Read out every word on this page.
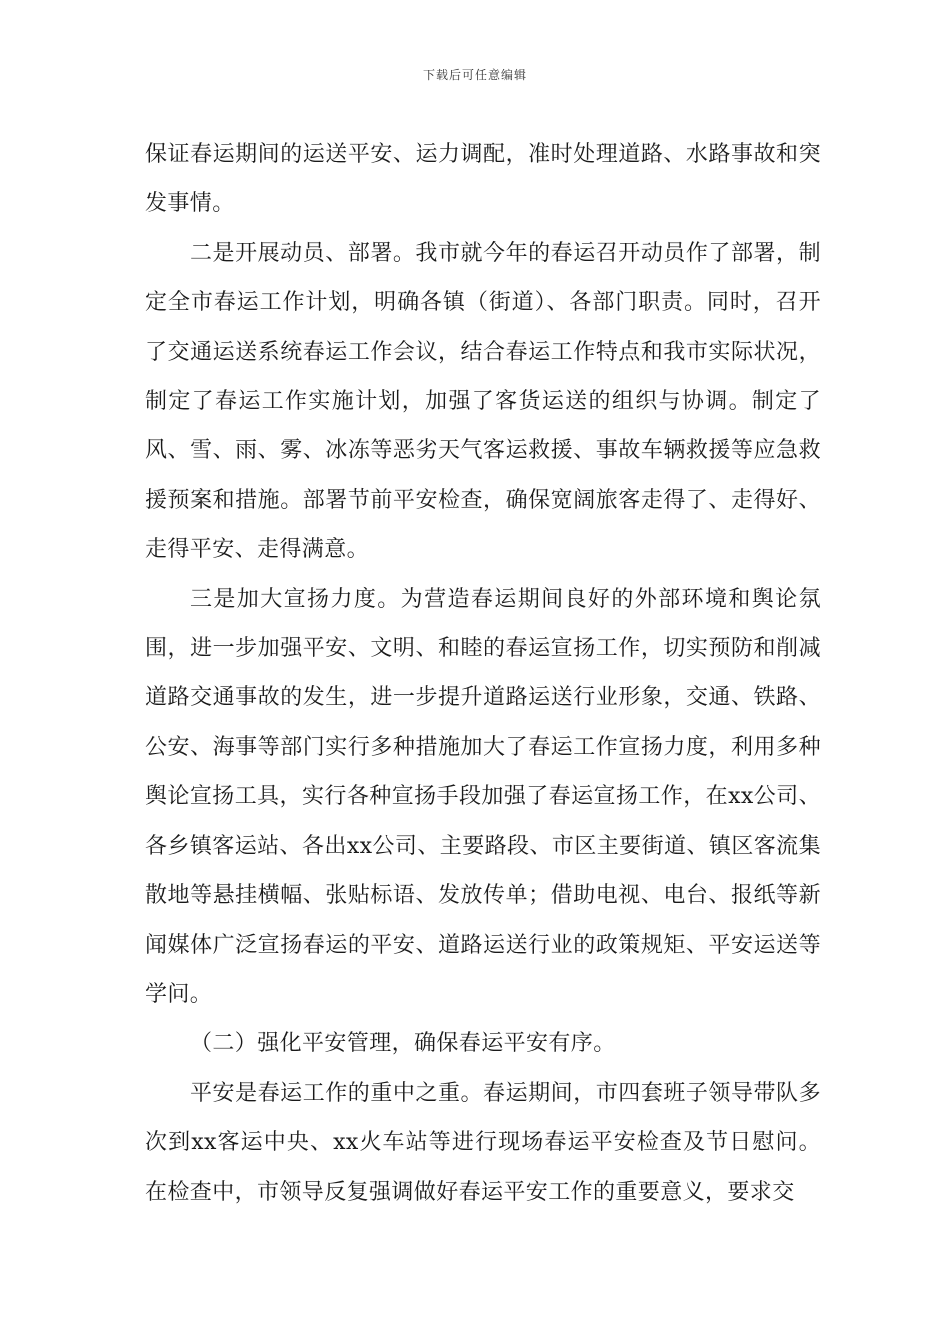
下载后可任意编辑

保证春运期间的运送平安、运力调配，准时处理道路、水路事故和突发事情。

二是开展动员、部署。我市就今年的春运召开动员作了部署，制定全市春运工作计划，明确各镇（街道）、各部门职责。同时，召开了交通运送系统春运工作会议，结合春运工作特点和我市实际状况，制定了春运工作实施计划，加强了客货运送的组织与协调。制定了风、雪、雨、雾、冰冻等恶劣天气客运救援、事故车辆救援等应急救援预案和措施。部署节前平安检查，确保宽阔旅客走得了、走得好、走得平安、走得满意。

三是加大宣扬力度。为营造春运期间良好的外部环境和舆论氛围，进一步加强平安、文明、和睦的春运宣扬工作，切实预防和削减道路交通事故的发生，进一步提升道路运送行业形象，交通、铁路、公安、海事等部门实行多种措施加大了春运工作宣扬力度，利用多种舆论宣扬工具，实行各种宣扬手段加强了春运宣扬工作，在xx公司、各乡镇客运站、各出xx公司、主要路段、市区主要街道、镇区客流集散地等悬挂横幅、张贴标语、发放传单；借助电视、电台、报纸等新闻媒体广泛宣扬春运的平安、道路运送行业的政策规矩、平安运送等学问。

（二）强化平安管理，确保春运平安有序。

平安是春运工作的重中之重。春运期间，市四套班子领导带队多次到xx客运中央、xx火车站等进行现场春运平安检查及节日慰问。在检查中，市领导反复强调做好春运平安工作的重要意义，要求交
